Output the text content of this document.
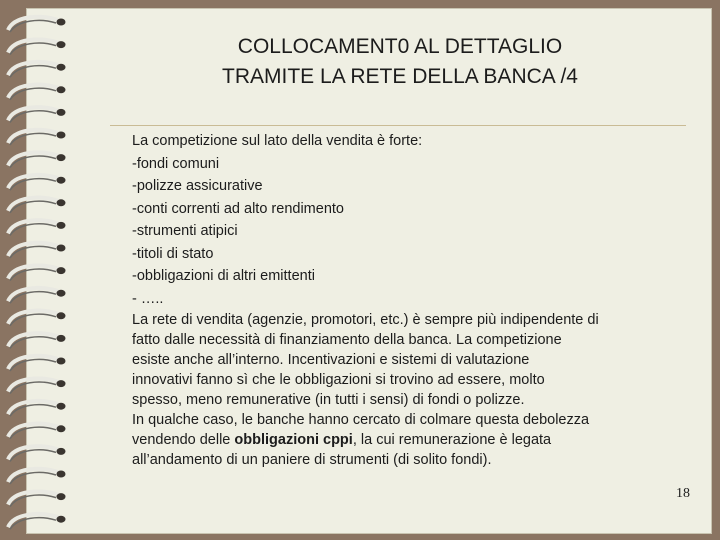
COLLOCAMENT0 AL DETTAGLIO
TRAMITE LA RETE DELLA BANCA /4
La competizione sul lato della vendita è forte:
-fondi comuni
-polizze assicurative
-conti correnti ad alto rendimento
-strumenti atipici
-titoli di stato
-obbligazioni di altri emittenti
- …..
La rete di vendita (agenzie, promotori, etc.) è sempre più indipendente di
fatto dalle necessità di finanziamento della banca. La competizione
esiste anche all’interno. Incentivazioni e sistemi di valutazione
innovativi fanno sì che le obbligazioni si trovino ad essere, molto
spesso, meno remunerative (in tutti i sensi) di fondi o polizze.
In qualche caso, le banche hanno cercato di colmare questa debolezza
vendendo delle obbligazioni cppi, la cui remunerazione è legata
all’andamento di un paniere di strumenti (di solito fondi).
18
